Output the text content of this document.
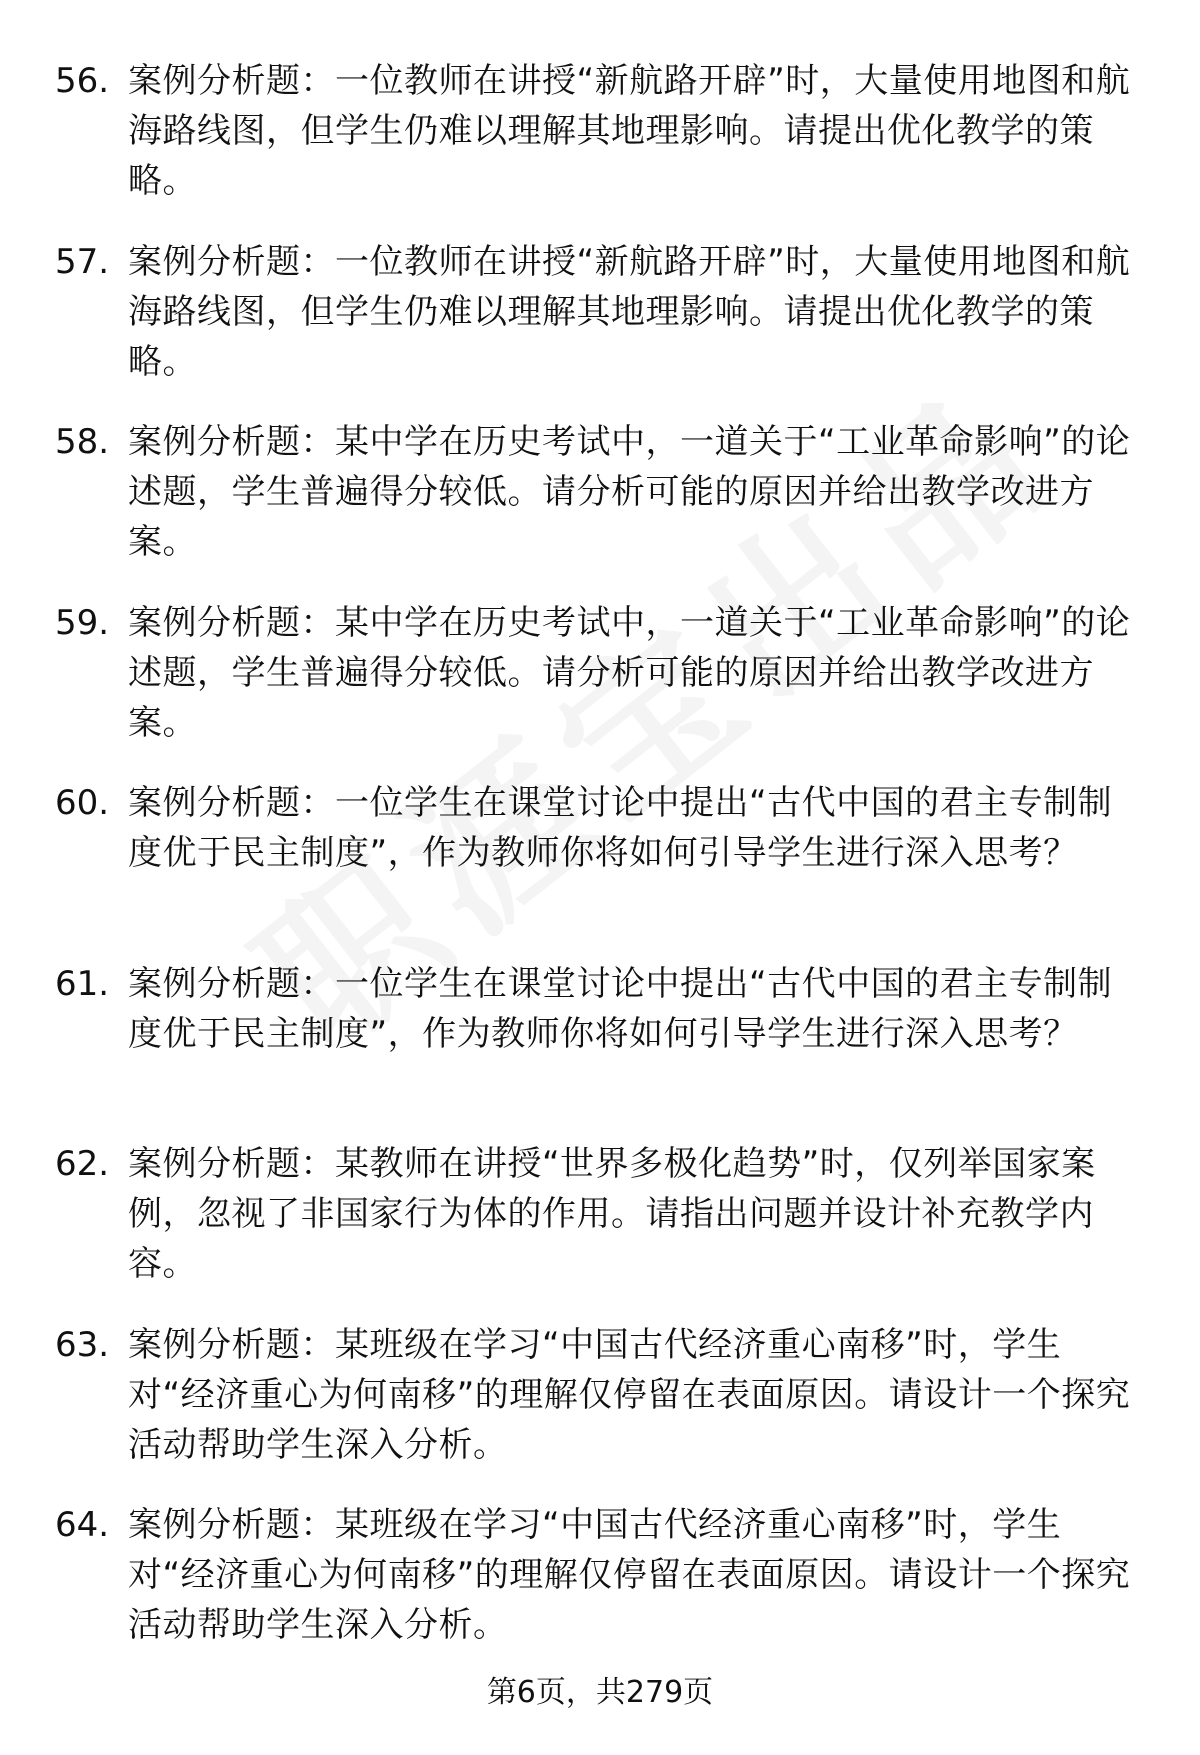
56. 案例分析题：一位教师在讲授“新航路开辟”时，大量使用地图和航海路线图，但学生仍难以理解其地理影响。请提出优化教学的策略。
57. 案例分析题：一位教师在讲授“新航路开辟”时，大量使用地图和航海路线图，但学生仍难以理解其地理影响。请提出优化教学的策略。
58. 案例分析题：某中学在历史考试中，一道关于“工业革命影响”的论述题，学生普遍得分较低。请分析可能的原因并给出教学改进方案。
59. 案例分析题：某中学在历史考试中，一道关于“工业革命影响”的论述题，学生普遍得分较低。请分析可能的原因并给出教学改进方案。
60. 案例分析题：一位学生在课堂讨论中提出“古代中国的君主专制制度优于民主制度”，作为教师你将如何引导学生进行深入思考？
61. 案例分析题：一位学生在课堂讨论中提出“古代中国的君主专制制度优于民主制度”，作为教师你将如何引导学生进行深入思考？
62. 案例分析题：某教师在讲授“世界多极化趋势”时，仅列举国家案例，忽视了非国家行为体的作用。请指出问题并设计补充教学内容。
63. 案例分析题：某班级在学习“中国古代经济重心南移”时，学生对“经济重心为何南移”的理解仅停留在表面原因。请设计一个探究活动帮助学生深入分析。
64. 案例分析题：某班级在学习“中国古代经济重心南移”时，学生对“经济重心为何南移”的理解仅停留在表面原因。请设计一个探究活动帮助学生深入分析。
第6页，共279页
